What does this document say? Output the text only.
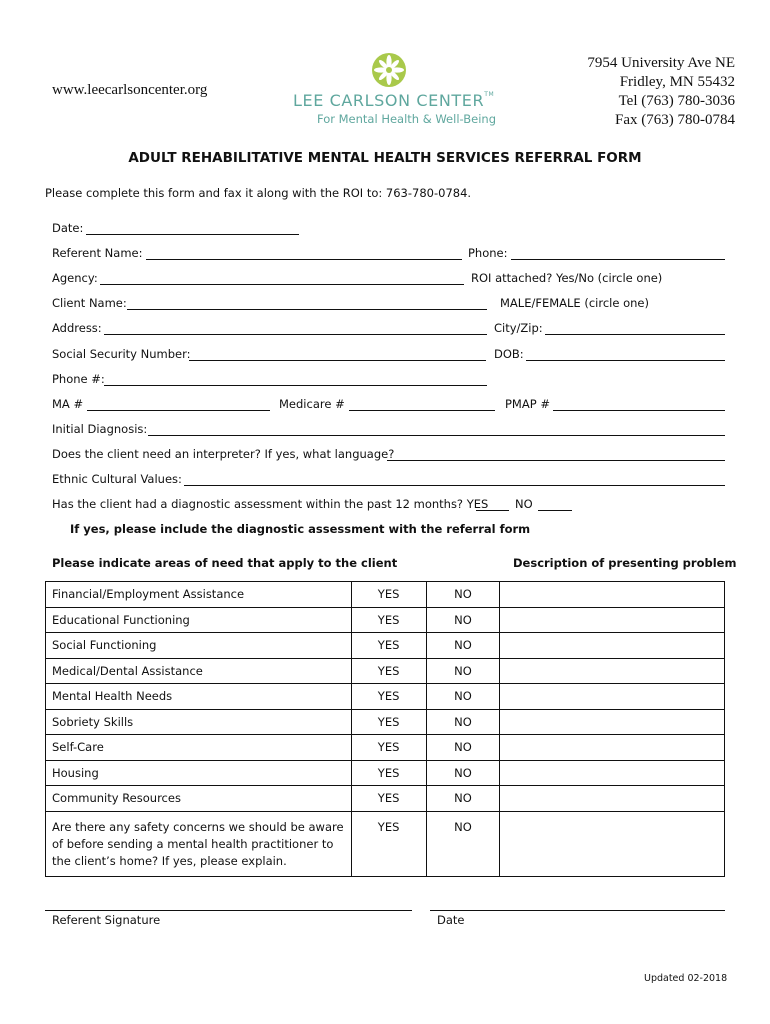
www.leecarlsoncenter.org
LEE CARLSON CENTER™
For Mental Health & Well-Being
7954 University Ave NE
Fridley, MN 55432
Tel (763) 780-3036
Fax (763) 780-0784
ADULT REHABILITATIVE MENTAL HEALTH SERVICES REFERRAL FORM
Please complete this form and fax it along with the ROI to: 763-780-0784.
Date:
Referent Name:	Phone:
Agency:	ROI attached? Yes/No (circle one)
Client Name:	MALE/FEMALE (circle one)
Address:	City/Zip:
Social Security Number:	DOB:
Phone #:
MA #	Medicare #	PMAP #
Initial Diagnosis:
Does the client need an interpreter? If yes, what language?
Ethnic Cultural Values:
Has the client had a diagnostic assessment within the past 12 months? YES NO
If yes, please include the diagnostic assessment with the referral form
Please indicate areas of need that apply to the client	Description of presenting problem
Financial/Employment Assistance	YES	NO	
Educational Functioning	YES	NO	
Social Functioning	YES	NO	
Medical/Dental Assistance	YES	NO	
Mental Health Needs	YES	NO	
Sobriety Skills	YES	NO	
Self-Care	YES	NO	
Housing	YES	NO	
Community Resources	YES	NO	
Are there any safety concerns we should be aware of before sending a mental health practitioner to the client’s home? If yes, please explain.	YES	NO	
Referent Signature	Date
Updated 02-2018
